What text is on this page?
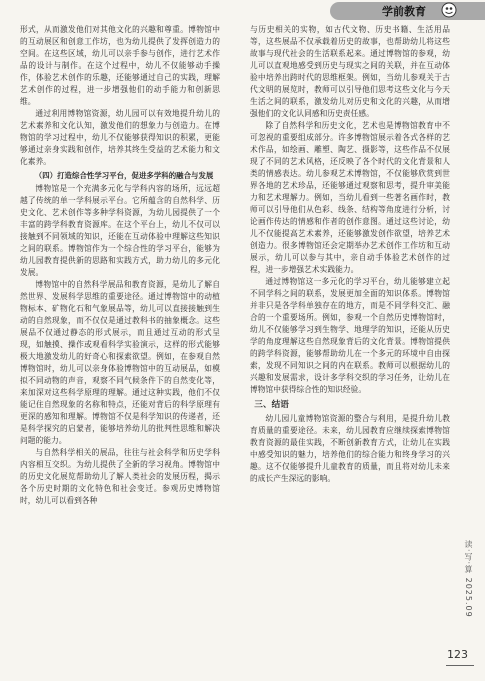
学前教育

形式，从而激发他们对其他文化的兴趣和尊重。博物馆中的互动展区和创意工作坊，也为幼儿提供了发挥创造力的空间。在这些区域，幼儿可以亲手参与创作，进行艺术作品的设计与制作。在这个过程中，幼儿不仅能够动手操作，体验艺术创作的乐趣，还能够通过自己的实践，理解艺术创作的过程，进一步增强他们的动手能力和创新思维。

通过利用博物馆资源，幼儿园可以有效地提升幼儿的艺术素养和文化认知，激发他们的想象力与创造力。在博物馆的学习过程中，幼儿不仅能够获得知识的积累，更能够通过亲身实践和创作，培养其终生受益的艺术能力和文化素养。

（四）打造综合性学习平台，促进多学科的融合与发展

博物馆是一个充满多元化与学科内容的场所，远远超越了传统的单一学科展示平台。它所蕴含的自然科学、历史文化、艺术创作等多种学科资源，为幼儿园提供了一个丰富的跨学科教育资源库。在这个平台上，幼儿不仅可以接触到不同领域的知识，还能在互动体验中理解这些知识之间的联系。博物馆作为一个综合性的学习平台，能够为幼儿园教育提供新的思路和实践方式，助力幼儿的多元化发展。

博物馆中的自然科学展品和教育资源，是幼儿了解自然世界、发展科学思维的重要途径。通过博物馆中的动植物标本、矿物化石和气象展品等，幼儿可以直接接触到生动的自然现象，而不仅仅是通过教科书的抽象概念。这些展品不仅通过静态的形式展示，而且通过互动的形式呈现，如触摸、操作或观看科学实验演示，这样的形式能够极大地激发幼儿的好奇心和探索欲望。例如，在参观自然博物馆时，幼儿可以亲身体验博物馆中的互动展品，如模拟不同动物的声音，观察不同气候条件下的自然变化等，来加深对这些科学原理的理解。通过这种实践，他们不仅能记住自然现象的名称和特点，还能对背后的科学原理有更深的感知和理解。博物馆不仅是科学知识的传递者，还是科学探究的启蒙者，能够培养幼儿的批判性思维和解决问题的能力。

与自然科学相关的展品，往往与社会科学和历史学科内容相互交织。为幼儿提供了全新的学习视角。博物馆中的历史文化展览帮助幼儿了解人类社会的发展历程，揭示各个历史时期的文化特色和社会变迁。参观历史博物馆时，幼儿可以看到各种

与历史相关的实物，如古代文物、历史书籍、生活用品等，这些展品不仅承载着历史的故事，也帮助幼儿将这些故事与现代社会的生活联系起来。通过博物馆的参观，幼儿可以直观地感受到历史与现实之间的关联，并在互动体验中培养出跨时代的思维框架。例如，当幼儿参观关于古代文明的展览时，教师可以引导他们思考这些文化与今天生活之间的联系，激发幼儿对历史和文化的兴趣，从而增强他们的文化认同感和历史责任感。

除了自然科学和历史文化，艺术也是博物馆教育中不可忽视的重要组成部分。许多博物馆展示着各式各样的艺术作品，如绘画、雕塑、陶艺、摄影等，这些作品不仅展现了不同的艺术风格，还反映了各个时代的文化背景和人类的情感表达。幼儿参观艺术博物馆，不仅能够欣赏到世界各地的艺术珍品，还能够通过观察和思考，提升审美能力和艺术理解力。例如，当幼儿看到一些著名画作时，教师可以引导他们从色彩、线条、结构等角度进行分析，讨论画作传达的情感和作者的创作意图。通过这些讨论，幼儿不仅能提高艺术素养，还能够激发创作欲望，培养艺术创造力。很多博物馆还会定期举办艺术创作工作坊和互动展示，幼儿可以参与其中，亲自动手体验艺术创作的过程，进一步增强艺术实践能力。

通过博物馆这一多元化的学习平台，幼儿能够建立起不同学科之间的联系，发展更加全面的知识体系。博物馆并非只是各学科单独存在的地方，而是不同学科交汇、融合的一个重要场所。例如，参观一个自然历史博物馆时，幼儿不仅能够学习到生物学、地理学的知识，还能从历史学的角度理解这些自然现象背后的文化背景。博物馆提供的跨学科资源，能够帮助幼儿在一个多元的环境中自由探索，发现不同知识之间的内在联系。教师可以根据幼儿的兴趣和发展需求，设计多学科交织的学习任务，让幼儿在博物馆中获得综合性的知识经验。

三、结语

幼儿园儿童博物馆资源的整合与利用，是提升幼儿教育质量的重要途径。未来，幼儿园教育应继续探索博物馆教育资源的最佳实践，不断创新教育方式，让幼儿在实践中感受知识的魅力，培养他们的综合能力和终身学习的兴趣。这不仅能够提升儿童教育的质量，而且将对幼儿未来的成长产生深远的影响。

读·写·算 2025.09
123
